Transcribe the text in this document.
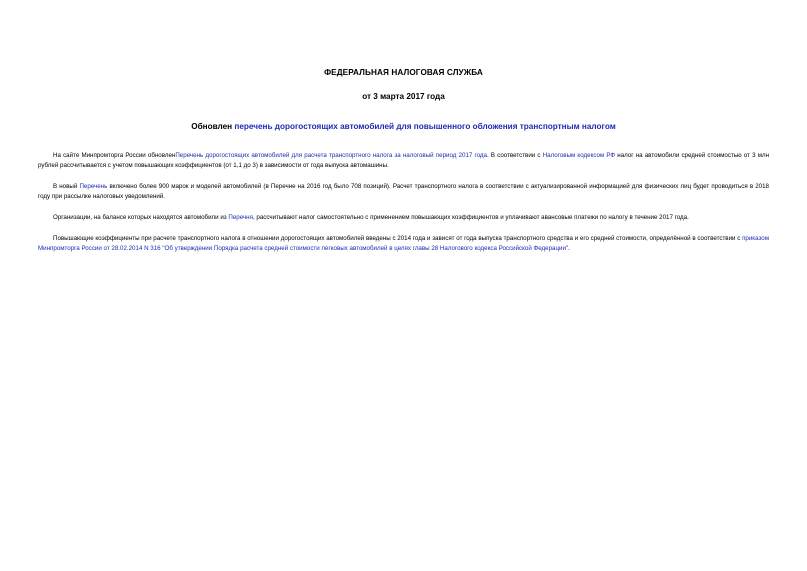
ФЕДЕРАЛЬНАЯ НАЛОГОВАЯ СЛУЖБА
от 3 марта 2017 года
Обновлен перечень дорогостоящих автомобилей для повышенного обложения транспортным налогом

На сайте Минпромторга России обновленПеречень дорогостоящих автомобилей для расчета транспортного налога за налоговый период 2017 года. В соответствии с Налоговым кодексом РФ налог на автомобили средней стоимостью от 3 млн рублей рассчитывается с учетом повышающих коэффициентов (от 1,1 до 3) в зависимости от года выпуска автомашины.

В новый Перечень включено более 900 марок и моделей автомобилей (в Перечне на 2016 год было 708 позиций). Расчет транспортного налога в соответствии с актуализированной информацией для физических лиц будет проводиться в 2018 году при рассылке налоговых уведомлений.

Организации, на балансе которых находятся автомобили из Перечня, рассчитывают налог самостоятельно с применением повышающих коэффициентов и уплачивают авансовые платежи по налогу в течение 2017 года.

Повышающие коэффициенты при расчете транспортного налога в отношении дорогостоящих автомобилей введены с 2014 года и зависят от года выпуска транспортного средства и его средней стоимости, определённой в соответствии с приказом Минпромторга России от 28.02.2014 N 316 "Об утверждении Порядка расчета средней стоимости легковых автомобилей в целях главы 28 Налогового кодекса Российской Федерации".
